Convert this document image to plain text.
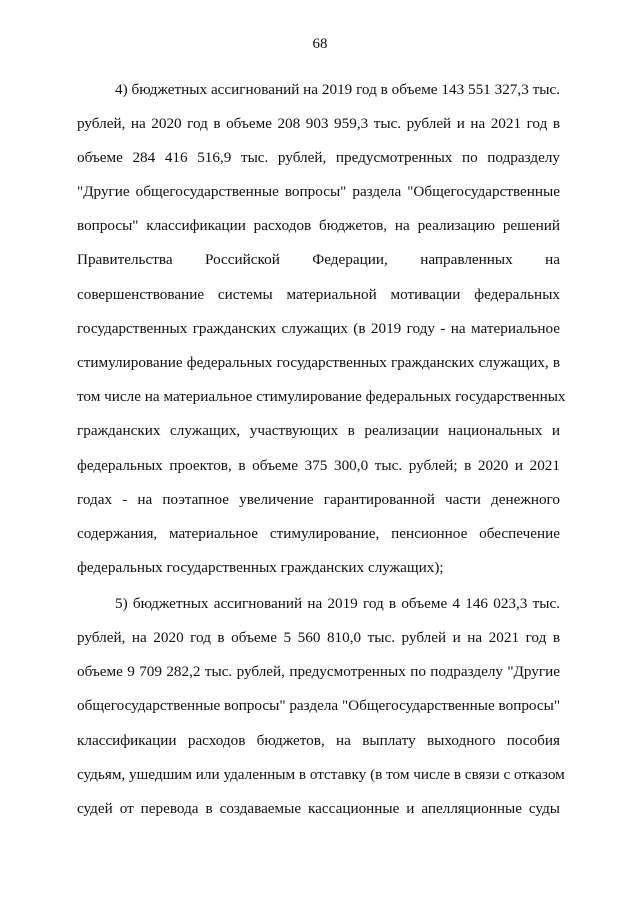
68
4) бюджетных ассигнований на 2019 год в объеме 143 551 327,3 тыс.
рублей, на 2020 год в объеме 208 903 959,3 тыс. рублей и на 2021 год в
объеме 284 416 516,9 тыс. рублей, предусмотренных по подразделу
"Другие общегосударственные вопросы" раздела "Общегосударственные
вопросы" классификации расходов бюджетов, на реализацию решений
Правительства Российской Федерации, направленных на
совершенствование системы материальной мотивации федеральных
государственных гражданских служащих (в 2019 году - на материальное
стимулирование федеральных государственных гражданских служащих, в
том числе на материальное стимулирование федеральных государственных
гражданских служащих, участвующих в реализации национальных и
федеральных проектов, в объеме 375 300,0 тыс. рублей; в 2020 и 2021
годах - на поэтапное увеличение гарантированной части денежного
содержания, материальное стимулирование, пенсионное обеспечение
федеральных государственных гражданских служащих);
5) бюджетных ассигнований на 2019 год в объеме 4 146 023,3 тыс.
рублей, на 2020 год в объеме 5 560 810,0 тыс. рублей и на 2021 год в
объеме 9 709 282,2 тыс. рублей, предусмотренных по подразделу "Другие
общегосударственные вопросы" раздела "Общегосударственные вопросы"
классификации расходов бюджетов, на выплату выходного пособия
судьям, ушедшим или удаленным в отставку (в том числе в связи с отказом
судей от перевода в создаваемые кассационные и апелляционные суды
